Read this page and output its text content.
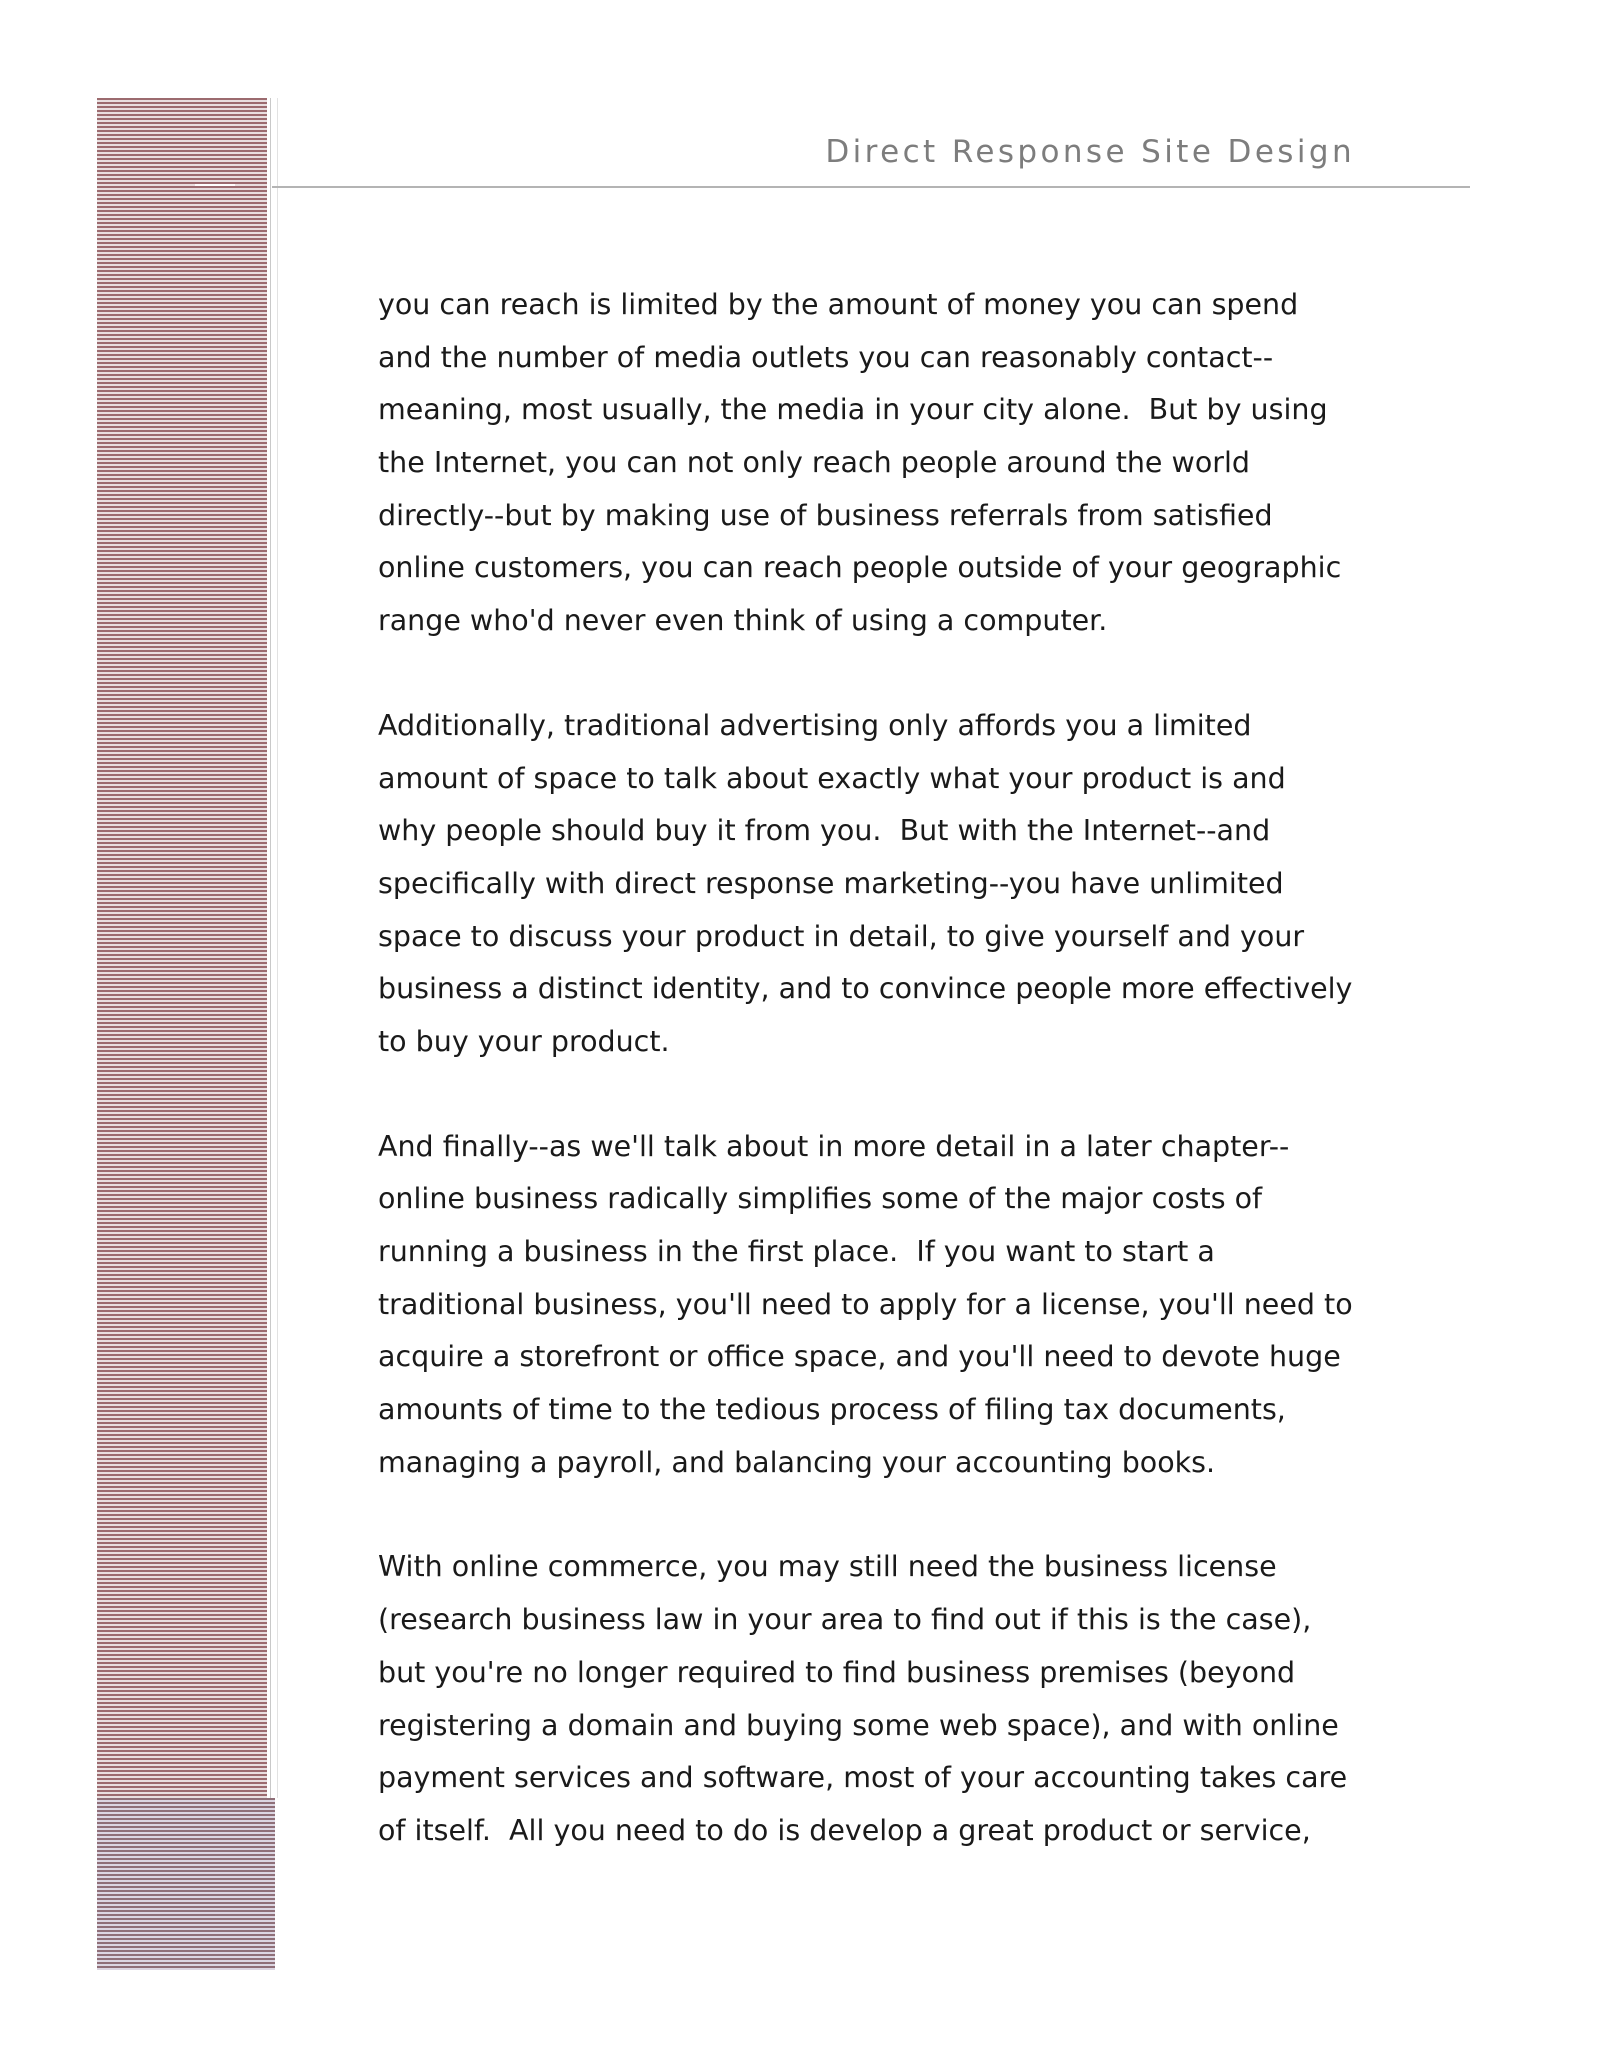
Direct Response Site Design
you can reach is limited by the amount of money you can spend
and the number of media outlets you can reasonably contact--
meaning, most usually, the media in your city alone.  But by using
the Internet, you can not only reach people around the world
directly--but by making use of business referrals from satisfied
online customers, you can reach people outside of your geographic
range who'd never even think of using a computer.
Additionally, traditional advertising only affords you a limited
amount of space to talk about exactly what your product is and
why people should buy it from you.  But with the Internet--and
specifically with direct response marketing--you have unlimited
space to discuss your product in detail, to give yourself and your
business a distinct identity, and to convince people more effectively
to buy your product.
And finally--as we'll talk about in more detail in a later chapter--
online business radically simplifies some of the major costs of
running a business in the first place.  If you want to start a
traditional business, you'll need to apply for a license, you'll need to
acquire a storefront or office space, and you'll need to devote huge
amounts of time to the tedious process of filing tax documents,
managing a payroll, and balancing your accounting books.
With online commerce, you may still need the business license
(research business law in your area to find out if this is the case),
but you're no longer required to find business premises (beyond
registering a domain and buying some web space), and with online
payment services and software, most of your accounting takes care
of itself.  All you need to do is develop a great product or service,
